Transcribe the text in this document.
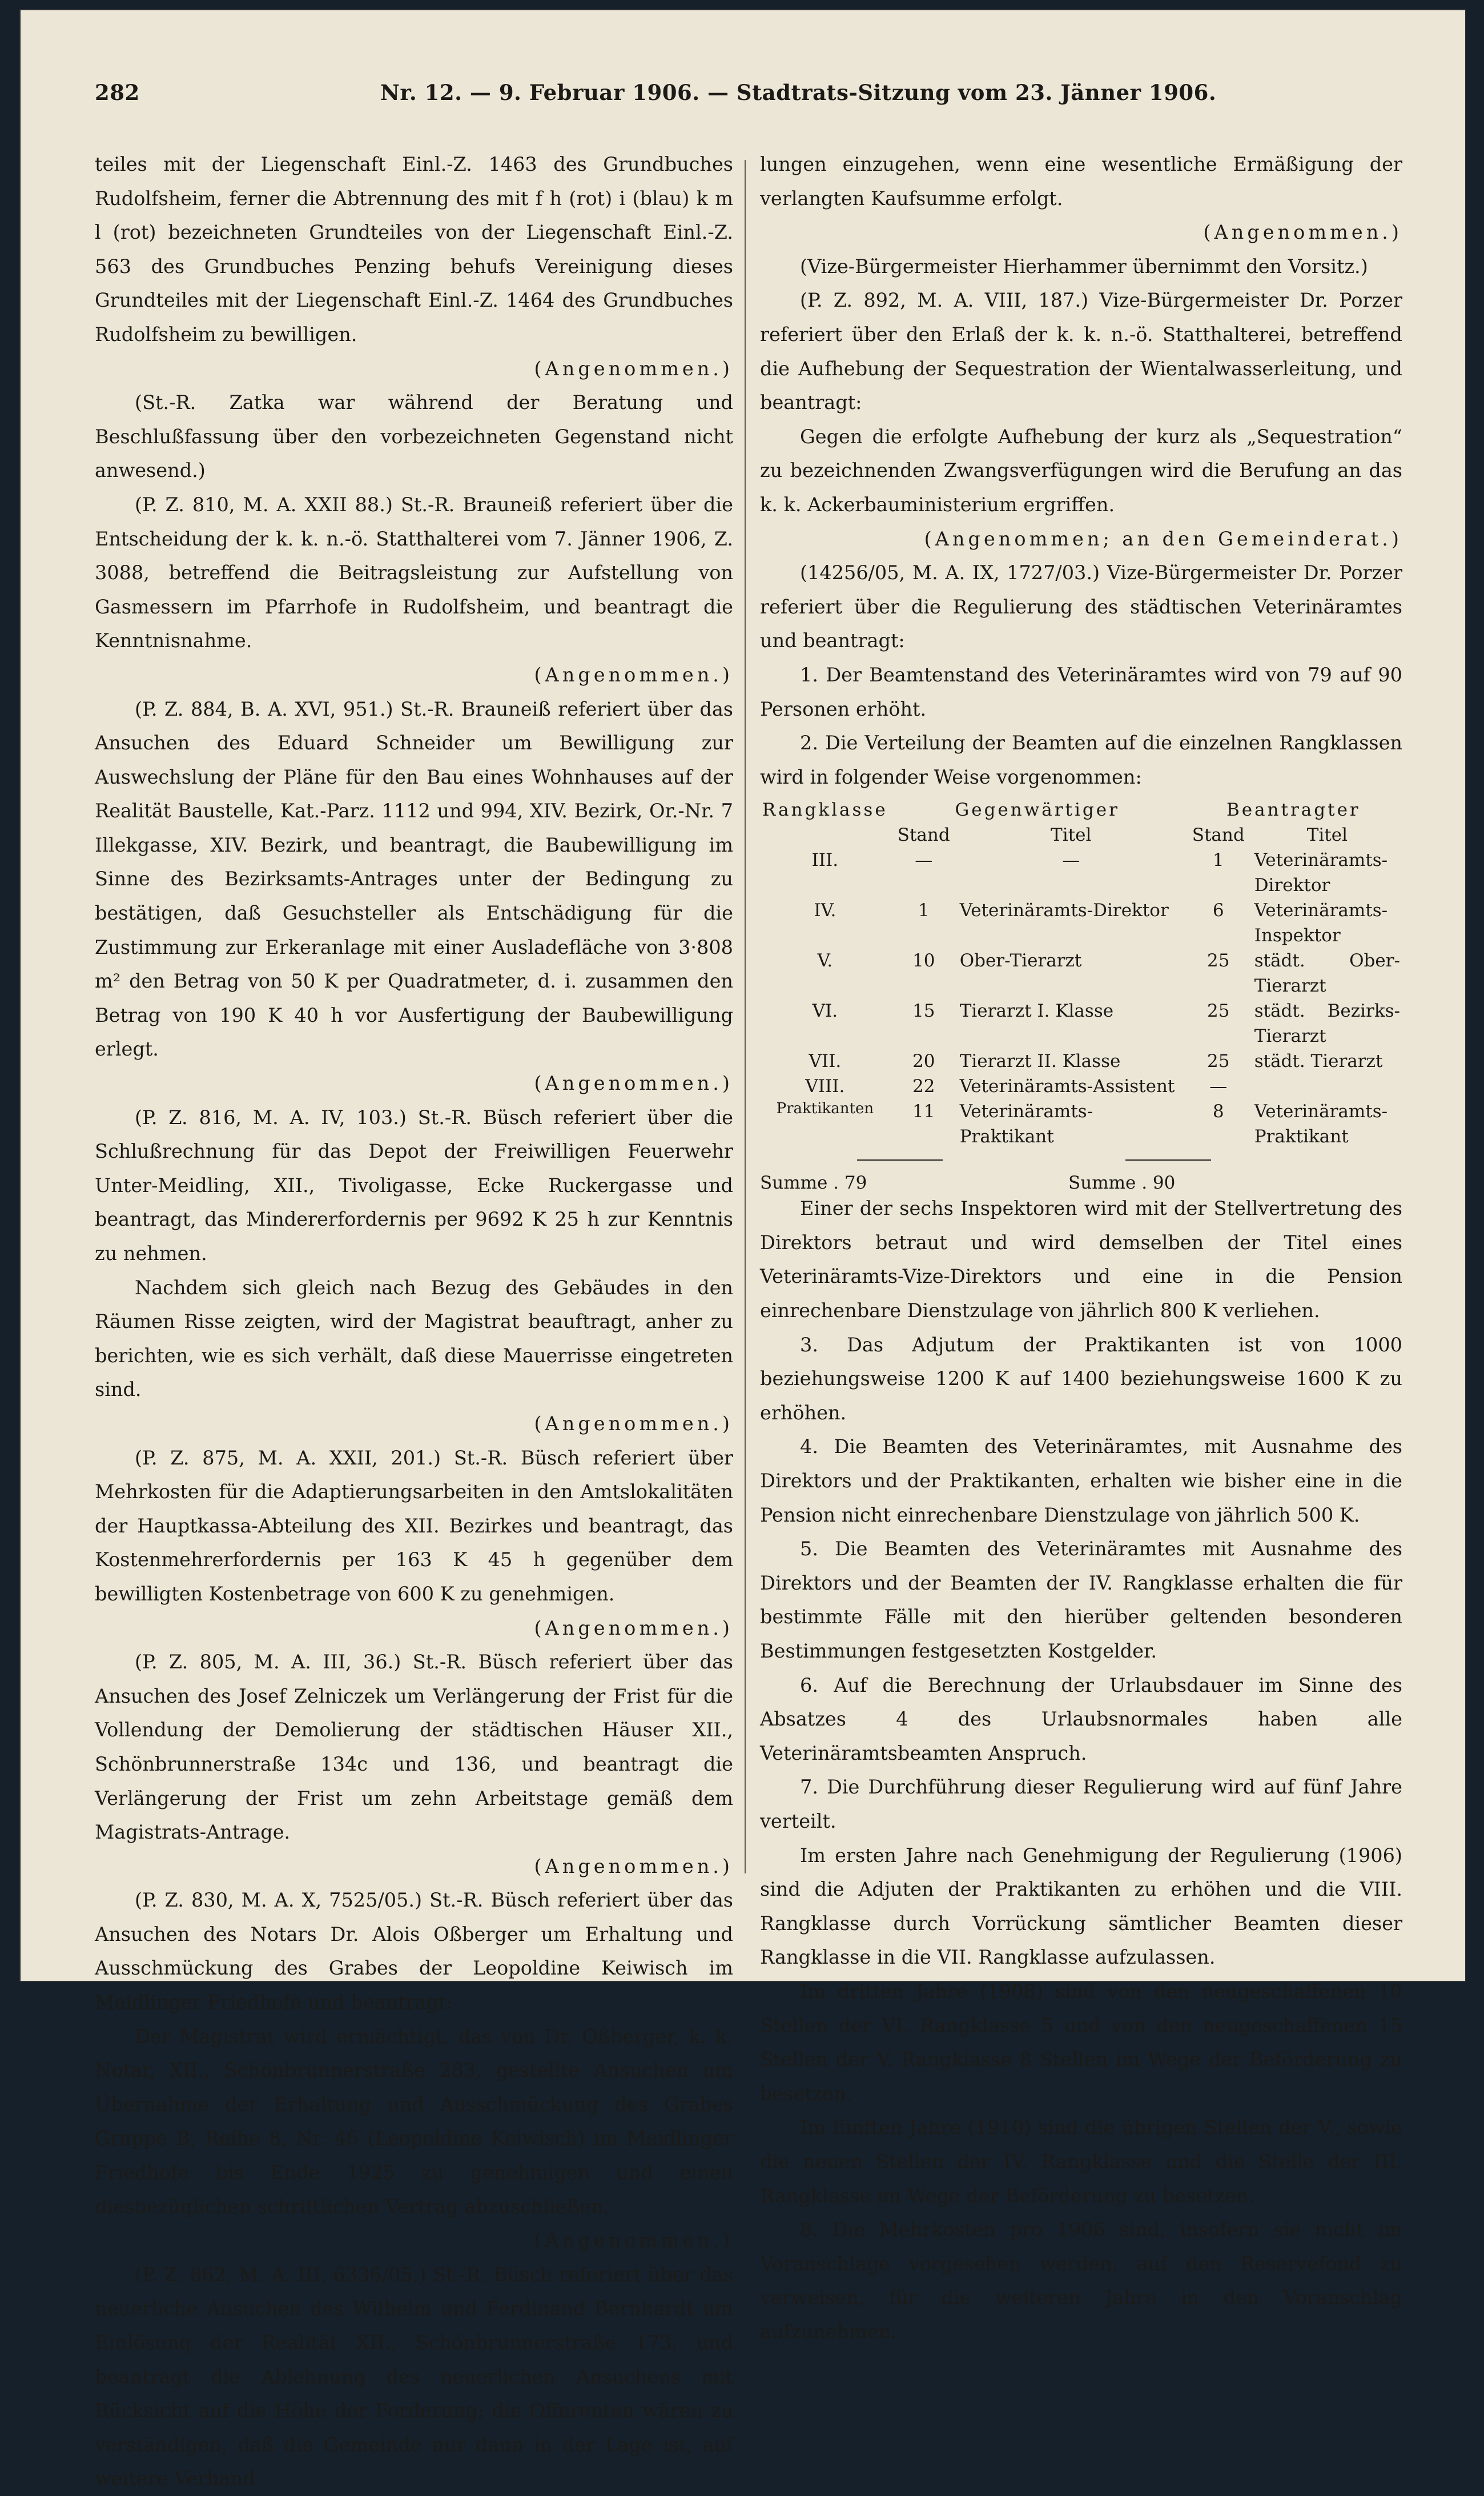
282	Nr. 12. — 9. Februar 1906. — Stadtrats-Sitzung vom 23. Jänner 1906.

teiles mit der Liegenschaft Einl.-Z. 1463 des Grundbuches Rudolfsheim, ferner die Abtrennung des mit f h (rot) i (blau) k m l (rot) bezeichneten Grundteiles von der Liegenschaft Einl.-Z. 563 des Grundbuches Penzing behufs Vereinigung dieses Grundteiles mit der Liegenschaft Einl.-Z. 1464 des Grundbuches Rudolfsheim zu bewilligen.

(Angenommen.)

(St.-R. Zatka war während der Beratung und Beschlußfassung über den vorbezeichneten Gegenstand nicht anwesend.)

(P. Z. 810, M. A. XXII 88.) St.-R. Brauneiß referiert über die Entscheidung der k. k. n.-ö. Statthalterei vom 7. Jänner 1906, Z. 3088, betreffend die Beitragsleistung zur Aufstellung von Gasmessern im Pfarrhofe in Rudolfsheim, und beantragt die Kenntnisnahme.

(Angenommen.)

(P. Z. 884, B. A. XVI, 951.) St.-R. Brauneiß referiert über das Ansuchen des Eduard Schneider um Bewilligung zur Auswechslung der Pläne für den Bau eines Wohnhauses auf der Realität Baustelle, Kat.-Parz. 1112 und 994, XIV. Bezirk, Or.-Nr. 7 Illekgasse, XIV. Bezirk, und beantragt, die Baubewilligung im Sinne des Bezirksamts-Antrages unter der Bedingung zu bestätigen, daß Gesuchsteller als Entschädigung für die Zustimmung zur Erkeranlage mit einer Ausladefläche von 3·808 m² den Betrag von 50 K per Quadratmeter, d. i. zusammen den Betrag von 190 K 40 h vor Ausfertigung der Baubewilligung erlegt.

(Angenommen.)

(P. Z. 816, M. A. IV, 103.) St.-R. Büsch referiert über die Schlußrechnung für das Depot der Freiwilligen Feuerwehr Unter-Meidling, XII., Tivoligasse, Ecke Ruckergasse und beantragt, das Mindererfordernis per 9692 K 25 h zur Kenntnis zu nehmen.

Nachdem sich gleich nach Bezug des Gebäudes in den Räumen Risse zeigten, wird der Magistrat beauftragt, anher zu berichten, wie es sich verhält, daß diese Mauerrisse eingetreten sind.

(Angenommen.)

(P. Z. 875, M. A. XXII, 201.) St.-R. Büsch referiert über Mehrkosten für die Adaptierungsarbeiten in den Amtslokalitäten der Hauptkassa-Abteilung des XII. Bezirkes und beantragt, das Kostenmehrerfordernis per 163 K 45 h gegenüber dem bewilligten Kostenbetrage von 600 K zu genehmigen.

(Angenommen.)

(P. Z. 805, M. A. III, 36.) St.-R. Büsch referiert über das Ansuchen des Josef Zelniczek um Verlängerung der Frist für die Vollendung der Demolierung der städtischen Häuser XII., Schönbrunnerstraße 134c und 136, und beantragt die Verlängerung der Frist um zehn Arbeitstage gemäß dem Magistrats-Antrage.

(Angenommen.)

(P. Z. 830, M. A. X, 7525/05.) St.-R. Büsch referiert über das Ansuchen des Notars Dr. Alois Oßberger um Erhaltung und Ausschmückung des Grabes der Leopoldine Keiwisch im Meidlinger Friedhofe und beantragt:

Der Magistrat wird ermächtigt, das von Dr. Oßberger, k. k. Notar, XII., Schönbrunnerstraße 283, gestellte Ansuchen um Übernahme der Erhaltung und Ausschmückung des Grabes Gruppe B, Reihe 8, Nr. 46 (Leopoldine Keiwisch) im Meidlinger Friedhofe bis Ende 1925 zu genehmigen und einen diesbezüglichen schriftlichen Vertrag abzuschließen.

(Angenommen.)

(P. Z. 862, M. A. III, 6336/05.) St.-R. Büsch referiert über das neuerliche Ansuchen des Wilhelm und Ferdinand Bernhardt um Einlösung der Realität XII., Schönbrunnerstraße 173, und beantragt die Ablehnung des neuerlichen Ansuchens mit Rücksicht auf die Höhe der Forderung; die Offerenten wären zu verständigen, daß die Gemeinde nur dann in der Lage ist, auf weitere Verhand-

lungen einzugehen, wenn eine wesentliche Ermäßigung der verlangten Kaufsumme erfolgt.

(Angenommen.)

(Vize-Bürgermeister Hierhammer übernimmt den Vorsitz.)

(P. Z. 892, M. A. VIII, 187.) Vize-Bürgermeister Dr. Porzer referiert über den Erlaß der k. k. n.-ö. Statthalterei, betreffend die Aufhebung der Sequestration der Wientalwasserleitung, und beantragt:

Gegen die erfolgte Aufhebung der kurz als „Sequestration“ zu bezeichnenden Zwangsverfügungen wird die Berufung an das k. k. Ackerbauministerium ergriffen.

(Angenommen; an den Gemeinderat.)

(14256/05, M. A. IX, 1727/03.) Vize-Bürgermeister Dr. Porzer referiert über die Regulierung des städtischen Veterinäramtes und beantragt:

1. Der Beamtenstand des Veterinäramtes wird von 79 auf 90 Personen erhöht.

2. Die Verteilung der Beamten auf die einzelnen Rangklassen wird in folgender Weise vorgenommen:

Rangklasse	Gegenwärtiger		Beantragter	
	Stand	Titel	Stand	Titel
III.	—	—	1	Veterinäramts-Direktor
IV.	1	Veterinäramts-Direktor	6	Veterinäramts-Inspektor
V.	10	Ober-Tierarzt	25	städt. Ober-Tierarzt
VI.	15	Tierarzt I. Klasse	25	städt. Bezirks-Tierarzt
VII.	20	Tierarzt II. Klasse	25	städt. Tierarzt
VIII.	22	Veterinäramts-Assistent	—	
Praktikanten	11	Veterinäramts-Praktikant	8	Veterinäramts-Praktikant
Summe . 79	Summe . 90

Einer der sechs Inspektoren wird mit der Stellvertretung des Direktors betraut und wird demselben der Titel eines Veterinäramts-Vize-Direktors und eine in die Pension einrechenbare Dienstzulage von jährlich 800 K verliehen.

3. Das Adjutum der Praktikanten ist von 1000 beziehungsweise 1200 K auf 1400 beziehungsweise 1600 K zu erhöhen.

4. Die Beamten des Veterinäramtes, mit Ausnahme des Direktors und der Praktikanten, erhalten wie bisher eine in die Pension nicht einrechenbare Dienstzulage von jährlich 500 K.

5. Die Beamten des Veterinäramtes mit Ausnahme des Direktors und der Beamten der IV. Rangklasse erhalten die für bestimmte Fälle mit den hierüber geltenden besonderen Bestimmungen festgesetzten Kostgelder.

6. Auf die Berechnung der Urlaubsdauer im Sinne des Absatzes 4 des Urlaubsnormales haben alle Veterinäramtsbeamten Anspruch.

7. Die Durchführung dieser Regulierung wird auf fünf Jahre verteilt.

Im ersten Jahre nach Genehmigung der Regulierung (1906) sind die Adjuten der Praktikanten zu erhöhen und die VIII. Rangklasse durch Vorrückung sämtlicher Beamten dieser Rangklasse in die VII. Rangklasse aufzulassen.

Im dritten Jahre (1908) sind von den neugeschaffenen 10 Stellen der VI. Rangklasse 5 und von den neugeschaffenen 15 Stellen der V. Rangklasse 8 Stellen im Wege der Beförderung zu besetzen.

Im fünften Jahre (1910) sind die übrigen Stellen der V., sowie die neuen Stellen der IV. Rangklasse und die Stelle der III. Rangklasse im Wege der Beförderung zu besetzen.

8. Die Mehrkosten pro 1906 sind, insofern sie nicht im Voranschlage vorgesehen werden, auf den Reservefond zu verweisen, für die weiteren Jahre in den Voranschlag aufzunehmen.
